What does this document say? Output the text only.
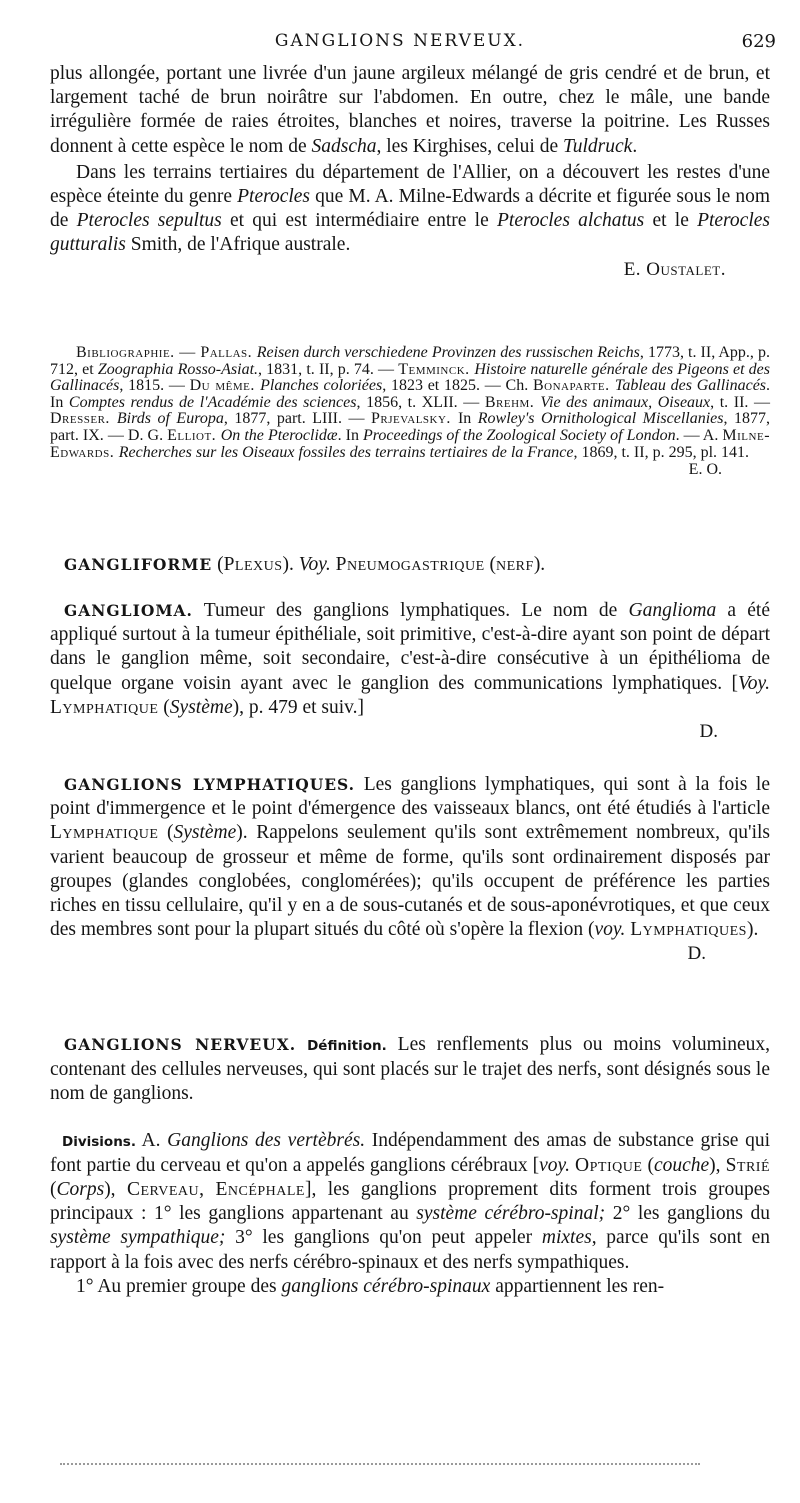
GANGLIONS NERVEUX.	629

plus allongée, portant une livrée d'un jaune argileux mélangé de gris cendré et de brun, et largement taché de brun noirâtre sur l'abdomen. En outre, chez le mâle, une bande irrégulière formée de raies étroites, blanches et noires, traverse la poitrine. Les Russes donnent à cette espèce le nom de Sadscha, les Kirghises, celui de Tuldruck.

Dans les terrains tertiaires du département de l'Allier, on a découvert les restes d'une espèce éteinte du genre Pterocles que M. A. Milne-Edwards a décrite et figurée sous le nom de Pterocles sepultus et qui est intermédiaire entre le Pterocles alchatus et le Pterocles gutturalis Smith, de l'Afrique australe.

E. Oustalet.

Bibliographie. — Pallas. Reisen durch verschiedene Provinzen des russischen Reichs, 1773, t. II, App., p. 712, et Zoographia Rosso-Asiat., 1831, t. II, p. 74. — Temminck. Histoire naturelle générale des Pigeons et des Gallinacés, 1815. — Du même. Planches coloriées, 1823 et 1825. — Ch. Bonaparte. Tableau des Gallinacés. In Comptes rendus de l'Académie des sciences, 1856, t. XLII. — Brehm. Vie des animaux, Oiseaux, t. II. — Dresser. Birds of Europa, 1877, part. LIII. — Prjevalsky. In Rowley's Ornithological Miscellanies, 1877, part. IX. — D. G. Elliot. On the Pteroclidæ. In Proceedings of the Zoological Society of London. — A. Milne-Edwards. Recherches sur les Oiseaux fossiles des terrains tertiaires de la France, 1869, t. II, p. 295, pl. 141.

E. O.

GANGLIFORME (Plexus). Voy. Pneumogastrique (nerf).

GANGLIOMA. Tumeur des ganglions lymphatiques. Le nom de Ganglioma a été appliqué surtout à la tumeur épithéliale, soit primitive, c'est-à-dire ayant son point de départ dans le ganglion même, soit secondaire, c'est-à-dire consécutive à un épithélioma de quelque organe voisin ayant avec le ganglion des communications lymphatiques. [Voy. Lymphatique (Système), p. 479 et suiv.]

D.

GANGLIONS LYMPHATIQUES. Les ganglions lymphatiques, qui sont à la fois le point d'immergence et le point d'émergence des vaisseaux blancs, ont été étudiés à l'article Lymphatique (Système). Rappelons seulement qu'ils sont extrêmement nombreux, qu'ils varient beaucoup de grosseur et même de forme, qu'ils sont ordinairement disposés par groupes (glandes conglobées, conglomérées); qu'ils occupent de préférence les parties riches en tissu cellulaire, qu'il y en a de sous-cutanés et de sous-aponévrotiques, et que ceux des membres sont pour la plupart situés du côté où s'opère la flexion (voy. Lymphatiques).

D.

GANGLIONS NERVEUX. Définition. Les renflements plus ou moins volumineux, contenant des cellules nerveuses, qui sont placés sur le trajet des nerfs, sont désignés sous le nom de ganglions.

Divisions. A. Ganglions des vertèbrés. Indépendamment des amas de substance grise qui font partie du cerveau et qu'on a appelés ganglions cérébraux [voy. Optique (couche), Strié (Corps), Cerveau, Encéphale], les ganglions proprement dits forment trois groupes principaux : 1° les ganglions appartenant au système cérébro-spinal; 2° les ganglions du système sympathique; 3° les ganglions qu'on peut appeler mixtes, parce qu'ils sont en rapport à la fois avec des nerfs cérébro-spinaux et des nerfs sympathiques.

1° Au premier groupe des ganglions cérébro-spinaux appartiennent les ren-
